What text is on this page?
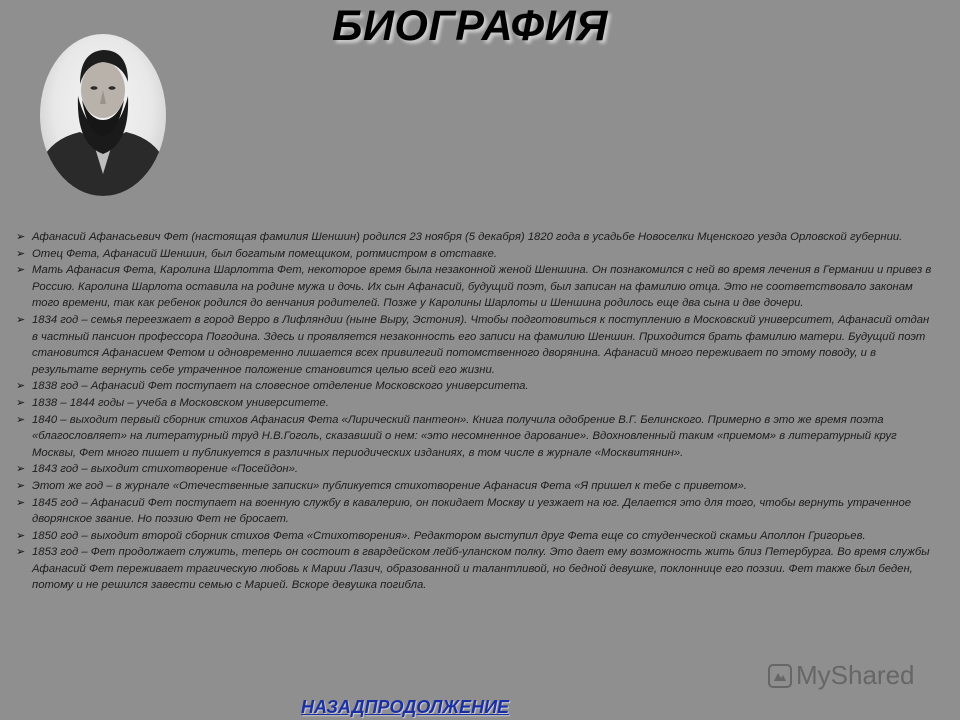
БИОГРАФИЯ

➢ Афанасий Афанасьевич Фет (настоящая фамилия Шеншин) родился 23 ноября (5 декабря) 1820 года в усадьбе Новоселки Мценского уезда Орловской губернии.

➢ Отец Фета, Афанасий Шеншин, был богатым помещиком, ротмистром в отставке.

➢ Мать Афанасия Фета, Каролина Шарлотта Фет, некоторое время была незаконной женой Шеншина. Он познакомился с ней во время лечения в Германии и привез в Россию. Каролина Шарлота оставила на родине мужа и дочь. Их сын Афанасий, будущий поэт, был записан на фамилию отца. Это не соответствовало законам того времени, так как ребенок родился до венчания родителей. Позже у Каролины Шарлоты и Шеншина родилось еще два сына и две дочери.

➢ 1834 год – семья переезжает в город Верро в Лифляндии (ныне Выру, Эстония). Чтобы подготовиться к поступлению в Московский университет, Афанасий отдан в частный пансион профессора Погодина. Здесь и проявляется незаконность его записи на фамилию Шеншин. Приходится брать фамилию матери. Будущий поэт становится Афанасием Фетом и одновременно лишается всех привилегий потомственного дворянина. Афанасий много переживает по этому поводу, и в результате вернуть себе утраченное положение становится целью всей его жизни.

➢ 1838 год – Афанасий Фет поступает на словесное отделение Московского университета.

➢ 1838 – 1844 годы – учеба в Московском университете.

➢ 1840 – выходит первый сборник стихов Афанасия Фета «Лирический пантеон». Книга получила одобрение В.Г. Белинского. Примерно в это же время поэта «благословляет» на литературный труд Н.В.Гоголь, сказавший о нем: «это несомненное дарование». Вдохновленный таким «приемом» в литературный круг Москвы, Фет много пишет и публикуется в различных периодических изданиях, в том числе в журнале «Москвитянин».

➢ 1843 год – выходит стихотворение «Посейдон».

➢ Этот же год – в журнале «Отечественные записки» публикуется стихотворение Афанасия Фета «Я пришел к тебе с приветом».

➢ 1845 год – Афанасий Фет поступает на военную службу в кавалерию, он покидает Москву и уезжает на юг. Делается это для того, чтобы вернуть утраченное дворянское звание. Но поэзию Фет не бросает.

➢ 1850 год – выходит второй сборник стихов Фета «Стихотворения». Редактором выступил друг Фета еще со студенческой скамьи Аполлон Григорьев.

➢ 1853 год – Фет продолжает служить, теперь он состоит в гвардейском лейб-уланском полку. Это дает ему возможность жить близ Петербурга. Во время службы Афанасий Фет переживает трагическую любовь к Марии Лазич, образованной и талантливой, но бедной девушке, поклоннице его поэзии. Фет также был беден, потому и не решился завести семью с Марией. Вскоре девушка погибла.

MyShared
НАЗАДПРОДОЛЖЕНИЕ
